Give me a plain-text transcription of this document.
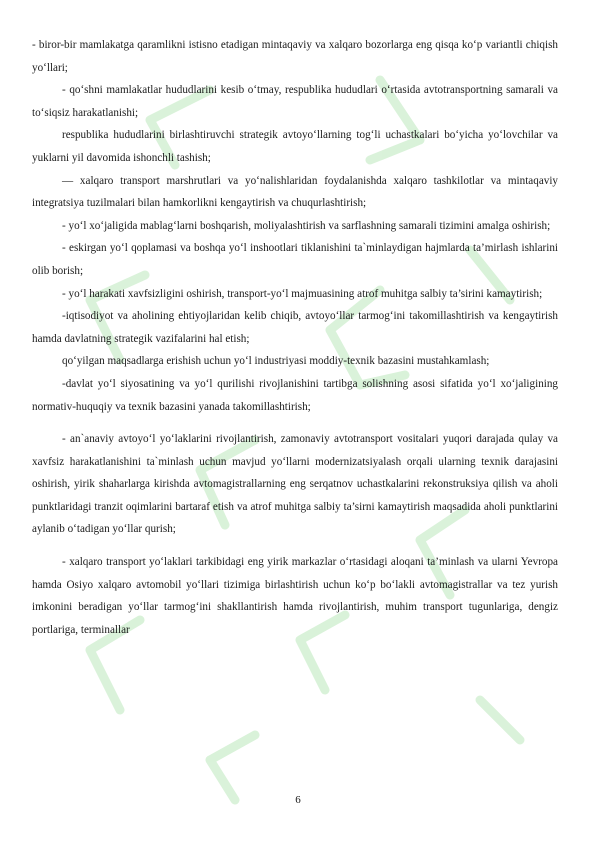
- biror-bir mamlakatga qaramlikni istisno etadigan mintaqaviy va xalqaro bozorlarga eng qisqa ko‘p variantli chiqish yo‘llari;

- qo‘shni mamlakatlar hududlarini kesib o‘tmay, respublika hududlari o‘rtasida avtotransportning samarali va to‘siqsiz harakatlanishi;

respublika hududlarini birlashtiruvchi strategik avtoyo‘llarning tog‘li uchastkalari bo‘yicha yo‘lovchilar va yuklarni yil davomida ishonchli tashish;

— xalqaro transport marshrutlari va yo‘nalishlaridan foydalanishda xalqaro tashkilotlar va mintaqaviy integratsiya tuzilmalari bilan hamkorlikni kengaytirish va chuqurlashtirish;

- yo‘l xo‘jaligida mablag‘larni boshqarish, moliyalashtirish va sarflashning samarali tizimini amalga oshirish;

- eskirgan yo‘l qoplamasi va boshqa yo‘l inshootlari tiklanishini ta`minlaydigan hajmlarda ta’mirlash ishlarini olib borish;

- yo‘l harakati xavfsizligini oshirish, transport-yo‘l majmuasining atrof muhitga salbiy ta’sirini kamaytirish;

-iqtisodiyot va aholining ehtiyojlaridan kelib chiqib, avtoyo‘llar tarmog‘ini takomillashtirish va kengaytirish hamda davlatning strategik vazifalarini hal etish;

qo‘yilgan maqsadlarga erishish uchun yo‘l industriyasi moddiy-texnik bazasini mustahkamlash;

-davlat yo‘l siyosatining va yo‘l qurilishi rivojlanishini tartibga solishning asosi sifatida yo‘l xo‘jaligining normativ-huquqiy va texnik bazasini yanada takomillashtirish;

- an`anaviy avtoyo‘l yo‘laklarini rivojlantirish, zamonaviy avtotransport vositalari yuqori darajada qulay va xavfsiz harakatlanishini ta`minlash uchun mavjud yo‘llarni modernizatsiyalash orqali ularning texnik darajasini oshirish, yirik shaharlarga kirishda avtomagistrallarning eng serqatnov uchastkalarini rekonstruksiya qilish va aholi punktlaridagi tranzit oqimlarini bartaraf etish va atrof muhitga salbiy ta’sirni kamaytirish maqsadida aholi punktlarini aylanib o‘tadigan yo‘llar qurish;

- xalqaro transport yo‘laklari tarkibidagi eng yirik markazlar o‘rtasidagi aloqani ta’minlash va ularni Yevropa hamda Osiyo xalqaro avtomobil yo‘llari tizimiga birlashtirish uchun ko‘p bo‘lakli avtomagistrallar va tez yurish imkonini beradigan yo‘llar tarmog‘ini shakllantirish hamda rivojlantirish, muhim transport tugunlariga, dengiz portlariga, terminallar

6
